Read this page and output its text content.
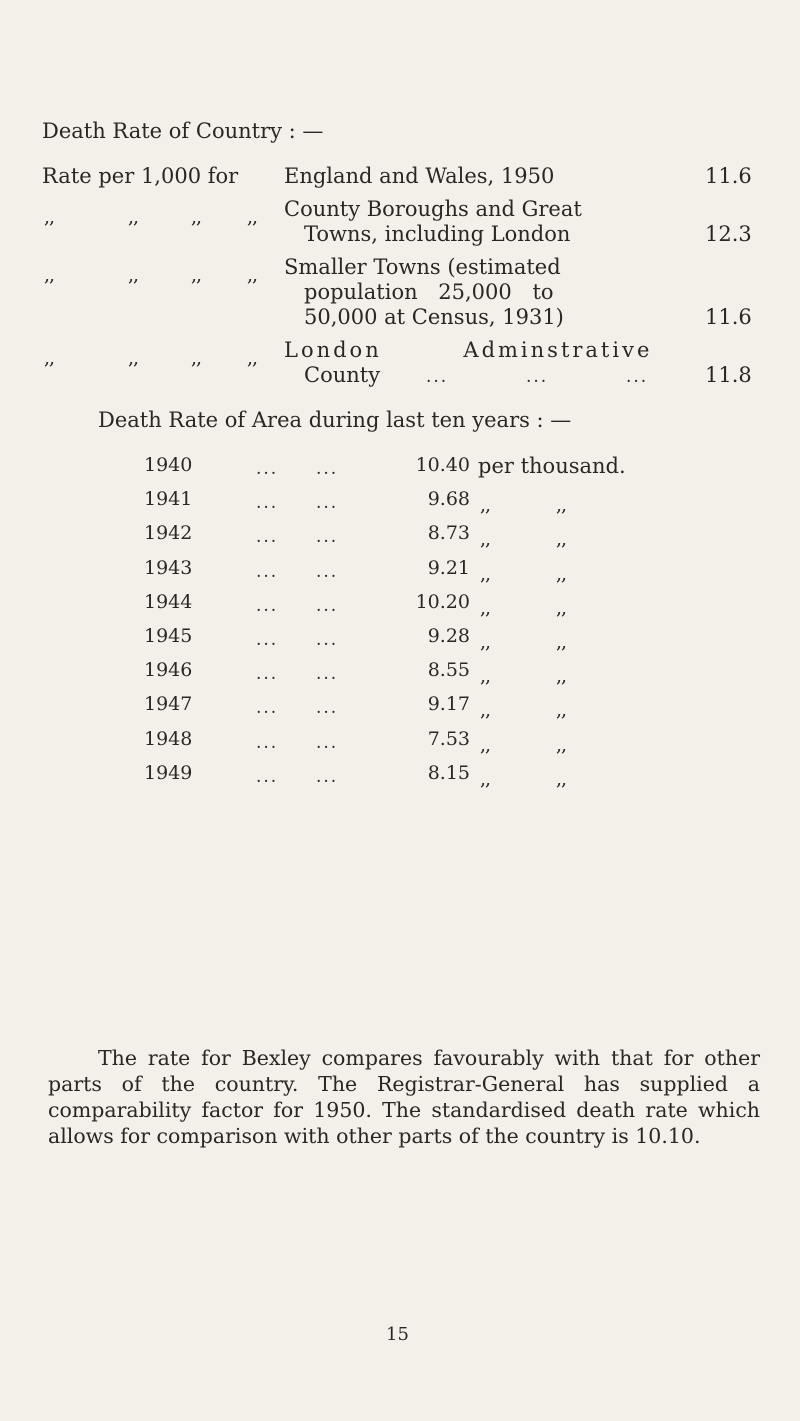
Death Rate of Country : —
Rate per 1,000 for England and Wales, 1950	11.6
,,	,,	,, ,, County Boroughs and Great
Towns, including London	12.3
,,	,,	,, ,, Smaller Towns (estimated
population 25,000 to
50,000 at Census, 1931)	11.6
,,	,,	,, ,, London Adminstrative
County	...	...	...	11.8
Death Rate of Area during last ten years : —
1940	... ...	10.40 per thousand.
1941	... ...	9.68 ,,	,,
1942	... ...	8.73 ,,	,,
1943	... ...	9.21 ,,	,,
1944	... ...	10.20 ,,	,,
1945	... ...	9.28 ,,	,,
1946	... ...	8.55 ,,	,,
1947	... ...	9.17 ,,	,,
1948	... ...	7.53 ,,	,,
1949	... ...	8.15 ,,	,,
The rate for Bexley compares favourably with that for other parts of the country. The Registrar-General has supplied a comparability factor for 1950. The standardised death rate which allows for comparison with other parts of the country is 10.10.
15
